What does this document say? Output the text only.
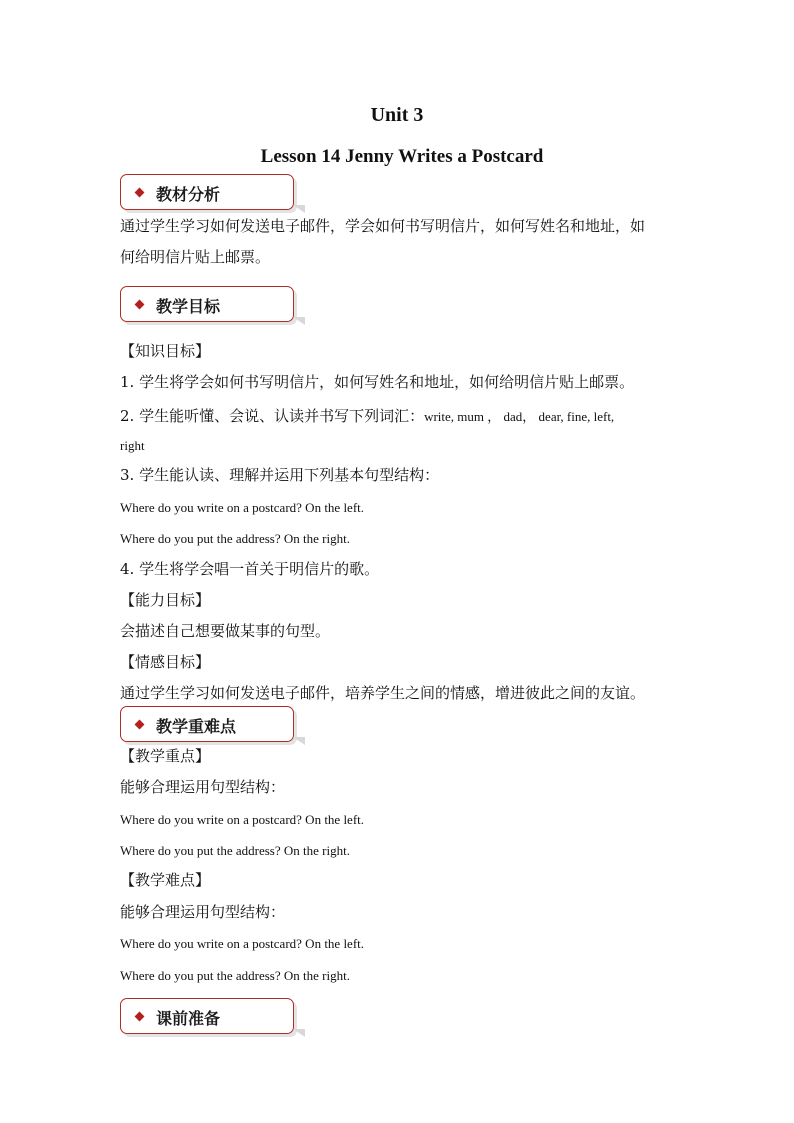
Unit 3
Lesson 14 Jenny Writes a Postcard
教材分析
通过学生学习如何发送电子邮件，学会如何书写明信片，如何写姓名和地址，如
何给明信片贴上邮票。
教学目标
【知识目标】
1. 学生将学会如何书写明信片，如何写姓名和地址，如何给明信片贴上邮票。
2. 学生能听懂、会说、认读并书写下列词汇：write, mum ， dad， dear, fine, left,
right
3. 学生能认读、理解并运用下列基本句型结构：
Where do you write on a postcard? On the left.
Where do you put the address? On the right.
4. 学生将学会唱一首关于明信片的歌。
【能力目标】
会描述自己想要做某事的句型。
【情感目标】
通过学生学习如何发送电子邮件，培养学生之间的情感，增进彼此之间的友谊。
教学重难点
【教学重点】
能够合理运用句型结构：
Where do you write on a postcard? On the left.
Where do you put the address? On the right.
【教学难点】
能够合理运用句型结构：
Where do you write on a postcard? On the left.
Where do you put the address? On the right.
课前准备
